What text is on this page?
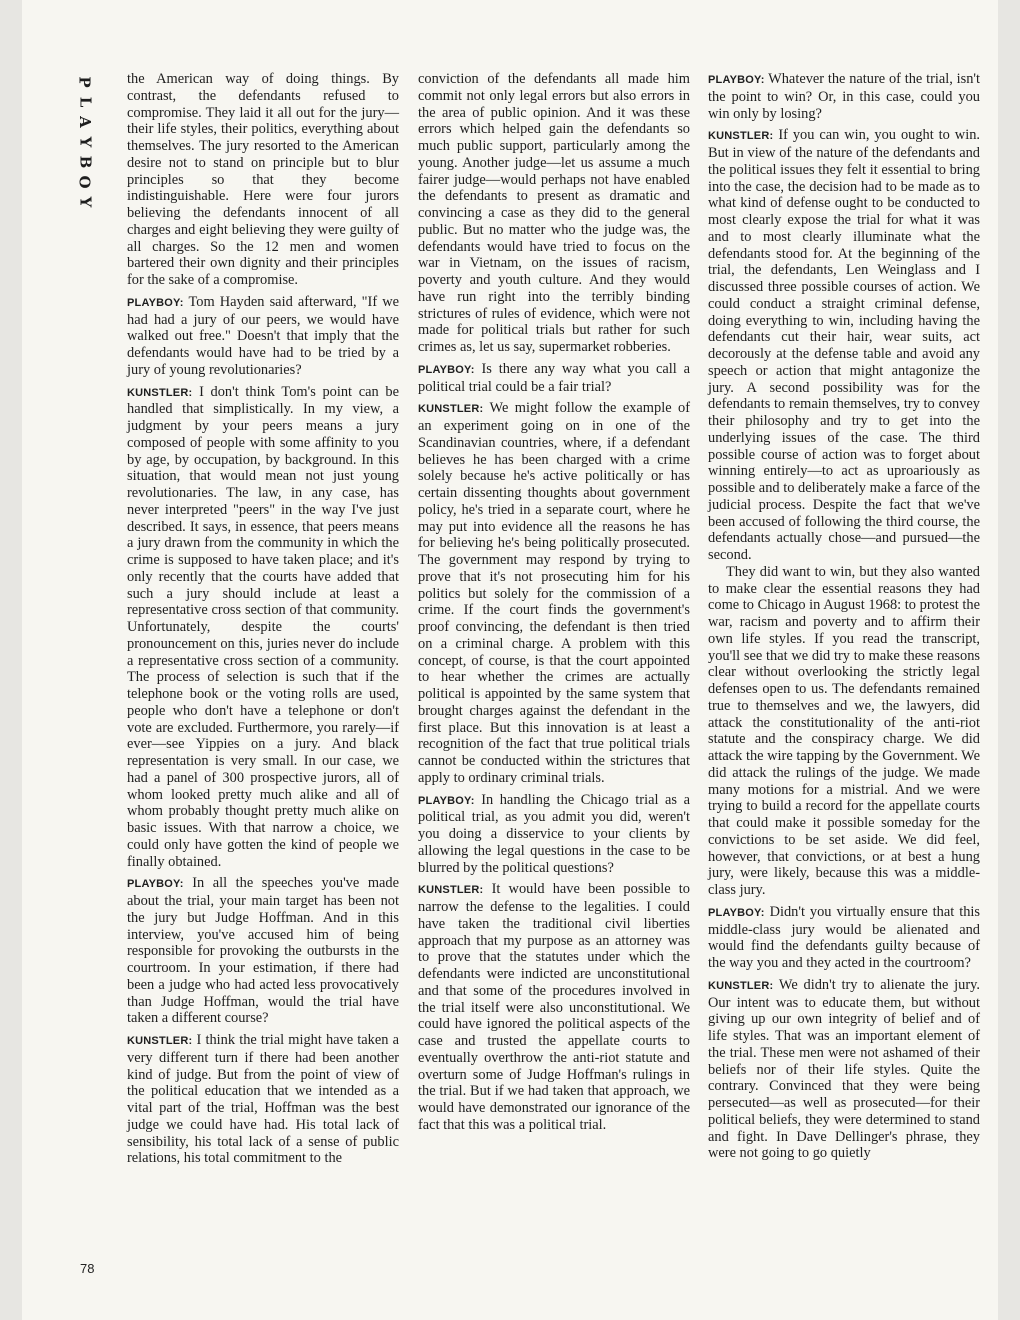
P
L
A
Y
B
O
Y

the American way of doing things. By contrast, the defendants refused to compromise. They laid it all out for the jury—their life styles, their politics, everything about themselves. The jury resorted to the American desire not to stand on principle but to blur principles so that they become indistinguishable. Here were four jurors believing the defendants innocent of all charges and eight believing they were guilty of all charges. So the 12 men and women bartered their own dignity and their principles for the sake of a compromise.

PLAYBOY: Tom Hayden said afterward, "If we had had a jury of our peers, we would have walked out free." Doesn't that imply that the defendants would have had to be tried by a jury of young revolutionaries?

KUNSTLER: I don't think Tom's point can be handled that simplistically. In my view, a judgment by your peers means a jury composed of people with some affinity to you by age, by occupation, by background. In this situation, that would mean not just young revolutionaries. The law, in any case, has never interpreted "peers" in the way I've just described. It says, in essence, that peers means a jury drawn from the community in which the crime is supposed to have taken place; and it's only recently that the courts have added that such a jury should include at least a representative cross section of that community. Unfortunately, despite the courts' pronouncement on this, juries never do include a representative cross section of a community. The process of selection is such that if the telephone book or the voting rolls are used, people who don't have a telephone or don't vote are excluded. Furthermore, you rarely—if ever—see Yippies on a jury. And black representation is very small. In our case, we had a panel of 300 prospective jurors, all of whom looked pretty much alike and all of whom probably thought pretty much alike on basic issues. With that narrow a choice, we could only have gotten the kind of people we finally obtained.

PLAYBOY: In all the speeches you've made about the trial, your main target has been not the jury but Judge Hoffman. And in this interview, you've accused him of being responsible for provoking the outbursts in the courtroom. In your estimation, if there had been a judge who had acted less provocatively than Judge Hoffman, would the trial have taken a different course?

KUNSTLER: I think the trial might have taken a very different turn if there had been another kind of judge. But from the point of view of the political education that we intended as a vital part of the trial, Hoffman was the best judge we could have had. His total lack of sensibility, his total lack of a sense of public relations, his total commitment to the

conviction of the defendants all made him commit not only legal errors but also errors in the area of public opinion. And it was these errors which helped gain the defendants so much public support, particularly among the young. Another judge—let us assume a much fairer judge—would perhaps not have enabled the defendants to present as dramatic and convincing a case as they did to the general public. But no matter who the judge was, the defendants would have tried to focus on the war in Vietnam, on the issues of racism, poverty and youth culture. And they would have run right into the terribly binding strictures of rules of evidence, which were not made for political trials but rather for such crimes as, let us say, supermarket robberies.

PLAYBOY: Is there any way what you call a political trial could be a fair trial?

KUNSTLER: We might follow the example of an experiment going on in one of the Scandinavian countries, where, if a defendant believes he has been charged with a crime solely because he's active politically or has certain dissenting thoughts about government policy, he's tried in a separate court, where he may put into evidence all the reasons he has for believing he's being politically prosecuted. The government may respond by trying to prove that it's not prosecuting him for his politics but solely for the commission of a crime. If the court finds the government's proof convincing, the defendant is then tried on a criminal charge. A problem with this concept, of course, is that the court appointed to hear whether the crimes are actually political is appointed by the same system that brought charges against the defendant in the first place. But this innovation is at least a recognition of the fact that true political trials cannot be conducted within the strictures that apply to ordinary criminal trials.

PLAYBOY: In handling the Chicago trial as a political trial, as you admit you did, weren't you doing a disservice to your clients by allowing the legal questions in the case to be blurred by the political questions?

KUNSTLER: It would have been possible to narrow the defense to the legalities. I could have taken the traditional civil liberties approach that my purpose as an attorney was to prove that the statutes under which the defendants were indicted are unconstitutional and that some of the procedures involved in the trial itself were also unconstitutional. We could have ignored the political aspects of the case and trusted the appellate courts to eventually overthrow the anti-riot statute and overturn some of Judge Hoffman's rulings in the trial. But if we had taken that approach, we would have demonstrated our ignorance of the fact that this was a political trial.

PLAYBOY: Whatever the nature of the trial, isn't the point to win? Or, in this case, could you win only by losing?

KUNSTLER: If you can win, you ought to win. But in view of the nature of the defendants and the political issues they felt it essential to bring into the case, the decision had to be made as to what kind of defense ought to be conducted to most clearly expose the trial for what it was and to most clearly illuminate what the defendants stood for. At the beginning of the trial, the defendants, Len Weinglass and I discussed three possible courses of action. We could conduct a straight criminal defense, doing everything to win, including having the defendants cut their hair, wear suits, act decorously at the defense table and avoid any speech or action that might antagonize the jury. A second possibility was for the defendants to remain themselves, try to convey their philosophy and try to get into the underlying issues of the case. The third possible course of action was to forget about winning entirely—to act as uproariously as possible and to deliberately make a farce of the judicial process. Despite the fact that we've been accused of following the third course, the defendants actually chose—and pursued—the second.

They did want to win, but they also wanted to make clear the essential reasons they had come to Chicago in August 1968: to protest the war, racism and poverty and to affirm their own life styles. If you read the transcript, you'll see that we did try to make these reasons clear without overlooking the strictly legal defenses open to us. The defendants remained true to themselves and we, the lawyers, did attack the constitutionality of the anti-riot statute and the conspiracy charge. We did attack the wire tapping by the Government. We did attack the rulings of the judge. We made many motions for a mistrial. And we were trying to build a record for the appellate courts that could make it possible someday for the convictions to be set aside. We did feel, however, that convictions, or at best a hung jury, were likely, because this was a middle-class jury.

PLAYBOY: Didn't you virtually ensure that this middle-class jury would be alienated and would find the defendants guilty because of the way you and they acted in the courtroom?

KUNSTLER: We didn't try to alienate the jury. Our intent was to educate them, but without giving up our own integrity of belief and of life styles. That was an important element of the trial. These men were not ashamed of their beliefs nor of their life styles. Quite the contrary. Convinced that they were being persecuted—as well as prosecuted—for their political beliefs, they were determined to stand and fight. In Dave Dellinger's phrase, they were not going to go quietly

78
